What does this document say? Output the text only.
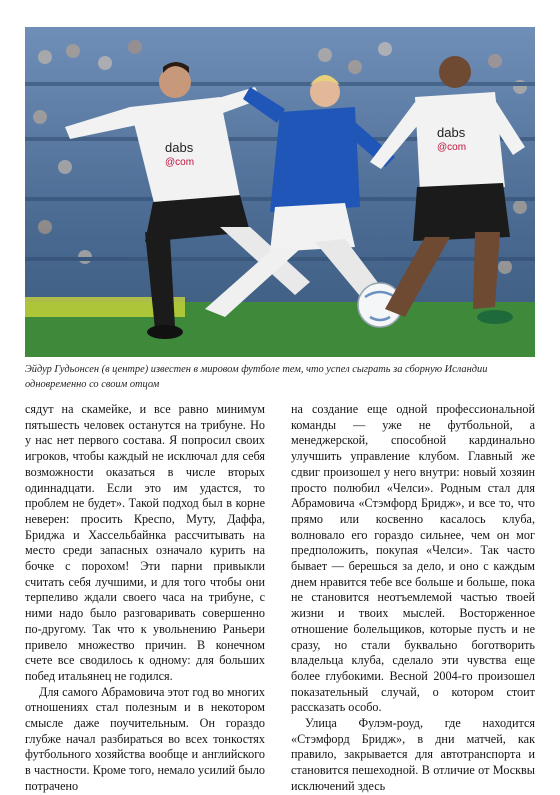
dabs
@com
dabs
@com
Эйдур Гудьонсен (в центре) известен в мировом футболе тем, что успел сыграть за сборную Исландии одновременно со своим отцом

сядут на скамейке, и все равно минимум пятьшесть человек останутся на трибуне. Но у нас нет первого состава. Я попросил своих игроков, чтобы каждый не исключал для себя возможности оказаться в числе вторых одиннадцати. Если это им удастся, то проблем не будет». Такой подход был в корне неверен: просить Креспо, Муту, Даффа, Бриджа и Хассельбайнка рассчитывать на место среди запасных означало курить на бочке с порохом! Эти парни привыкли считать себя лучшими, и для того чтобы они терпеливо ждали своего часа на трибуне, с ними надо было разговаривать совершенно по-другому. Так что к увольнению Раньери привело множество причин. В конечном счете все сводилось к одному: для больших побед итальянец не годился.

Для самого Абрамовича этот год во многих отношениях стал полезным и в некотором смысле даже поучительным. Он гораздо глубже начал разбираться во всех тонкостях футбольного хозяйства вообще и английского в частности. Кроме того, немало усилий было потрачено

на создание еще одной профессиональной команды — уже не футбольной, а менеджерской, способной кардинально улучшить управление клубом. Главный же сдвиг произошел у него внутри: новый хозяин просто полюбил «Челси». Родным стал для Абрамовича «Стэмфорд Бридж», и все то, что прямо или косвенно касалось клуба, волновало его гораздо сильнее, чем он мог предположить, покупая «Челси». Так часто бывает — берешься за дело, и оно с каждым днем нравится тебе все больше и больше, пока не становится неотъемлемой частью твоей жизни и твоих мыслей. Восторженное отношение болельщиков, которые пусть и не сразу, но стали буквально боготворить владельца клуба, сделало эти чувства еще более глубокими. Весной 2004-го произошел показательный случай, о котором стоит рассказать особо.

Улица Фулэм-роуд, где находится «Стэмфорд Бридж», в дни матчей, как правило, закрывается для автотранспорта и становится пешеходной. В отличие от Москвы исключений здесь
